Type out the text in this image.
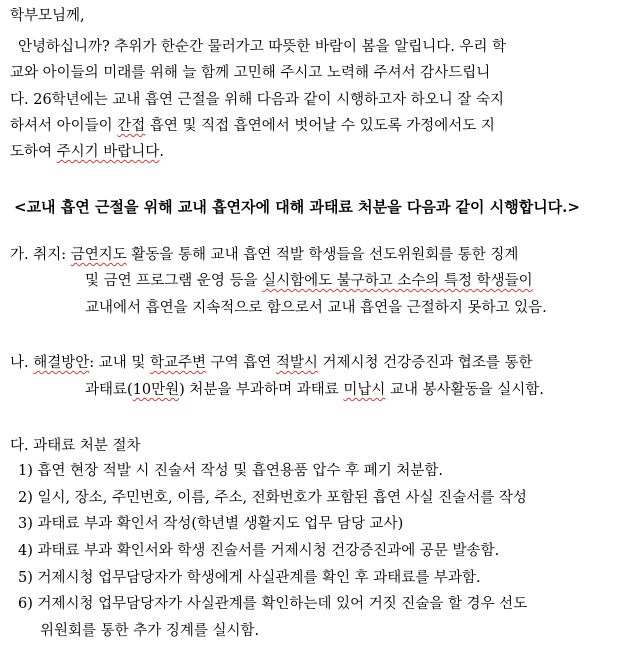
학부모님께,
안녕하십니까? 추위가 한순간 물러가고 따뜻한 바람이 봄을 알립니다. 우리 학
교와 아이들의 미래를 위해 늘 함께 고민해 주시고 노력해 주셔서 감사드립니
다. 26학년에는 교내 흡연 근절을 위해 다음과 같이 시행하고자 하오니 잘 숙지
하셔서 아이들이 간접 흡연 및 직접 흡연에서 벗어날 수 있도록 가정에서도 지
도하여 주시기 바랍니다.
<교내 흡연 근절을 위해 교내 흡연자에 대해 과태료 처분을 다음과 같이 시행합니다.>
가. 취지: 금연지도 활동을 통해 교내 흡연 적발 학생들을 선도위원회를 통한 징계
및 금연 프로그램 운영 등을 실시함에도 불구하고 소수의 특정 학생들이
교내에서 흡연을 지속적으로 함으로서 교내 흡연을 근절하지 못하고 있음.
나. 해결방안: 교내 및 학교주변 구역 흡연 적발시 거제시청 건강증진과 협조를 통한
과태료(10만원) 처분을 부과하며 과태료 미납시 교내 봉사활동을 실시함.
다. 과태료 처분 절차
1) 흡연 현장 적발 시 진술서 작성 및 흡연용품 압수 후 폐기 처분함.
2) 일시, 장소, 주민번호, 이름, 주소, 전화번호가 포함된 흡연 사실 진술서를 작성
3) 과태료 부과 확인서 작성(학년별 생활지도 업무 담당 교사)
4) 과태료 부과 확인서와 학생 진술서를 거제시청 건강증진과에 공문 발송함.
5) 거제시청 업무담당자가 학생에게 사실관계를 확인 후 과태료를 부과함.
6) 거제시청 업무담당자가 사실관계를 확인하는데 있어 거짓 진술을 할 경우 선도
위원회를 통한 추가 징계를 실시함.
